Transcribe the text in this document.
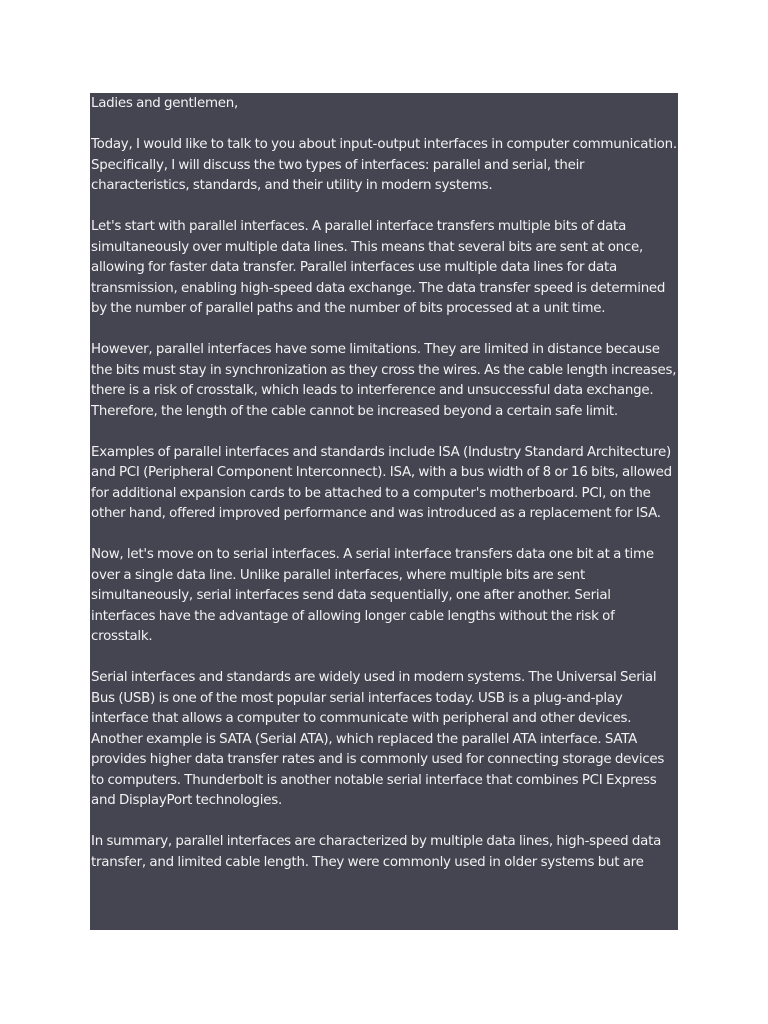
Ladies and gentlemen,

Today, I would like to talk to you about input-output interfaces in computer communication. Specifically, I will discuss the two types of interfaces: parallel and serial, their characteristics, standards, and their utility in modern systems.

Let's start with parallel interfaces. A parallel interface transfers multiple bits of data simultaneously over multiple data lines. This means that several bits are sent at once, allowing for faster data transfer. Parallel interfaces use multiple data lines for data transmission, enabling high-speed data exchange. The data transfer speed is determined by the number of parallel paths and the number of bits processed at a unit time.

However, parallel interfaces have some limitations. They are limited in distance because the bits must stay in synchronization as they cross the wires. As the cable length increases, there is a risk of crosstalk, which leads to interference and unsuccessful data exchange. Therefore, the length of the cable cannot be increased beyond a certain safe limit.

Examples of parallel interfaces and standards include ISA (Industry Standard Architecture) and PCI (Peripheral Component Interconnect). ISA, with a bus width of 8 or 16 bits, allowed for additional expansion cards to be attached to a computer's motherboard. PCI, on the other hand, offered improved performance and was introduced as a replacement for ISA.

Now, let's move on to serial interfaces. A serial interface transfers data one bit at a time over a single data line. Unlike parallel interfaces, where multiple bits are sent simultaneously, serial interfaces send data sequentially, one after another. Serial interfaces have the advantage of allowing longer cable lengths without the risk of crosstalk.

Serial interfaces and standards are widely used in modern systems. The Universal Serial Bus (USB) is one of the most popular serial interfaces today. USB is a plug-and-play interface that allows a computer to communicate with peripheral and other devices. Another example is SATA (Serial ATA), which replaced the parallel ATA interface. SATA provides higher data transfer rates and is commonly used for connecting storage devices to computers. Thunderbolt is another notable serial interface that combines PCI Express and DisplayPort technologies.

In summary, parallel interfaces are characterized by multiple data lines, high-speed data transfer, and limited cable length. They were commonly used in older systems but are
